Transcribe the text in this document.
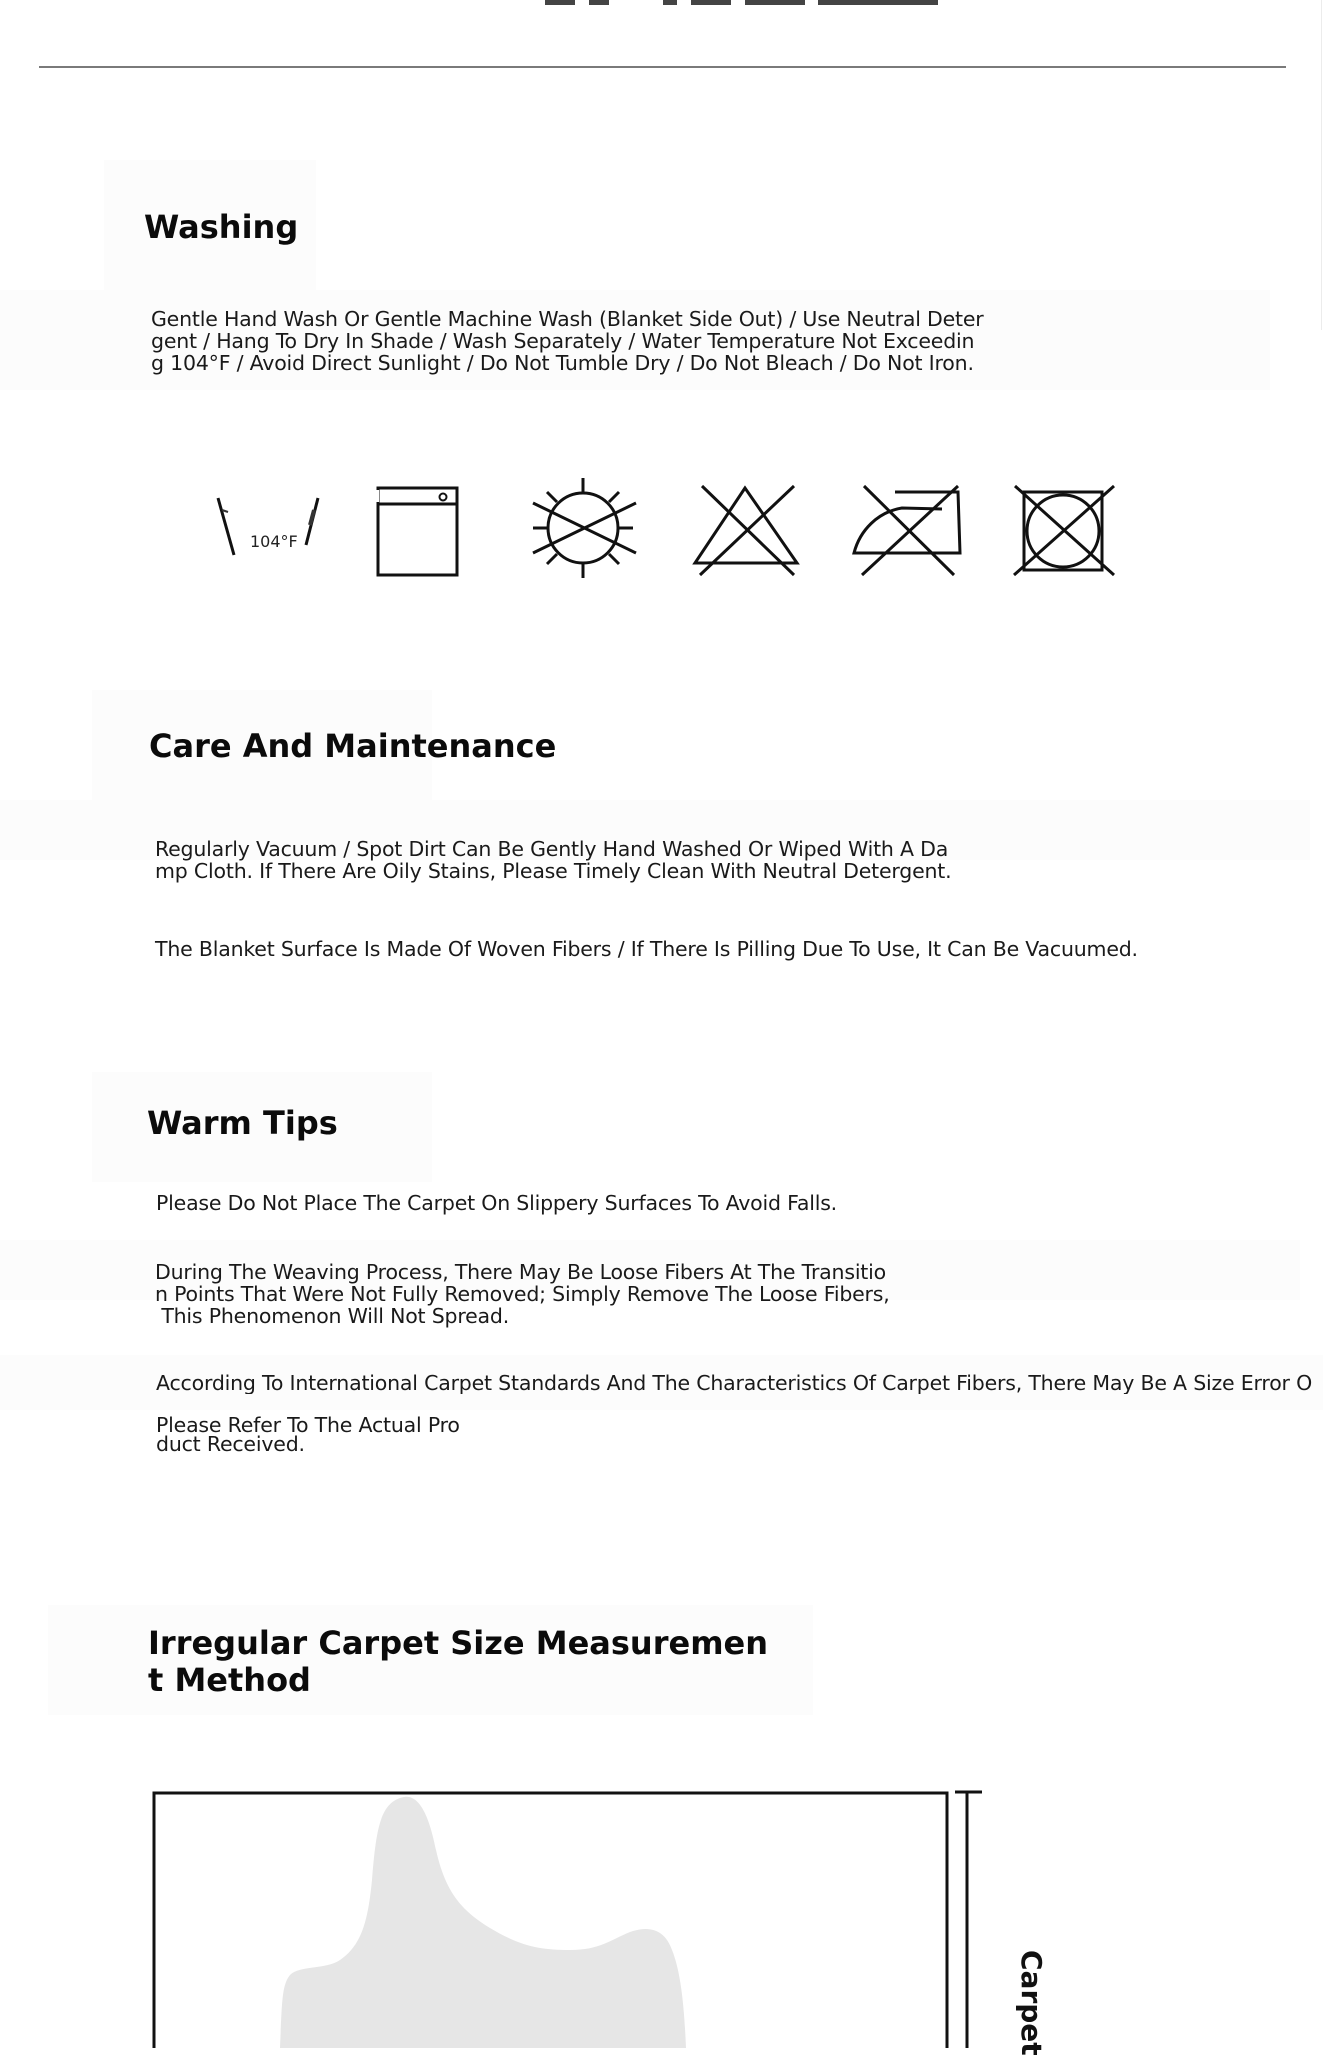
Washing
Gentle Hand Wash Or Gentle Machine Wash (Blanket Side Out) / Use Neutral Deter
gent / Hang To Dry In Shade / Wash Separately / Water Temperature Not Exceedin
g 104°F / Avoid Direct Sunlight / Do Not Tumble Dry / Do Not Bleach / Do Not Iron.
104°F
Care And Maintenance
Regularly Vacuum / Spot Dirt Can Be Gently Hand Washed Or Wiped With A Da
mp Cloth. If There Are Oily Stains, Please Timely Clean With Neutral Detergent.
The Blanket Surface Is Made Of Woven Fibers / If There Is Pilling Due To Use, It Can Be Vacuumed.
Warm Tips
Please Do Not Place The Carpet On Slippery Surfaces To Avoid Falls.
During The Weaving Process, There May Be Loose Fibers At The Transitio
n Points That Were Not Fully Removed; Simply Remove The Loose Fibers,
This Phenomenon Will Not Spread.
According To International Carpet Standards And The Characteristics Of Carpet Fibers, There May Be A Size Error O
Please Refer To The Actual Pro
duct Received.
Irregular Carpet Size Measuremen
t Method
Carpet
